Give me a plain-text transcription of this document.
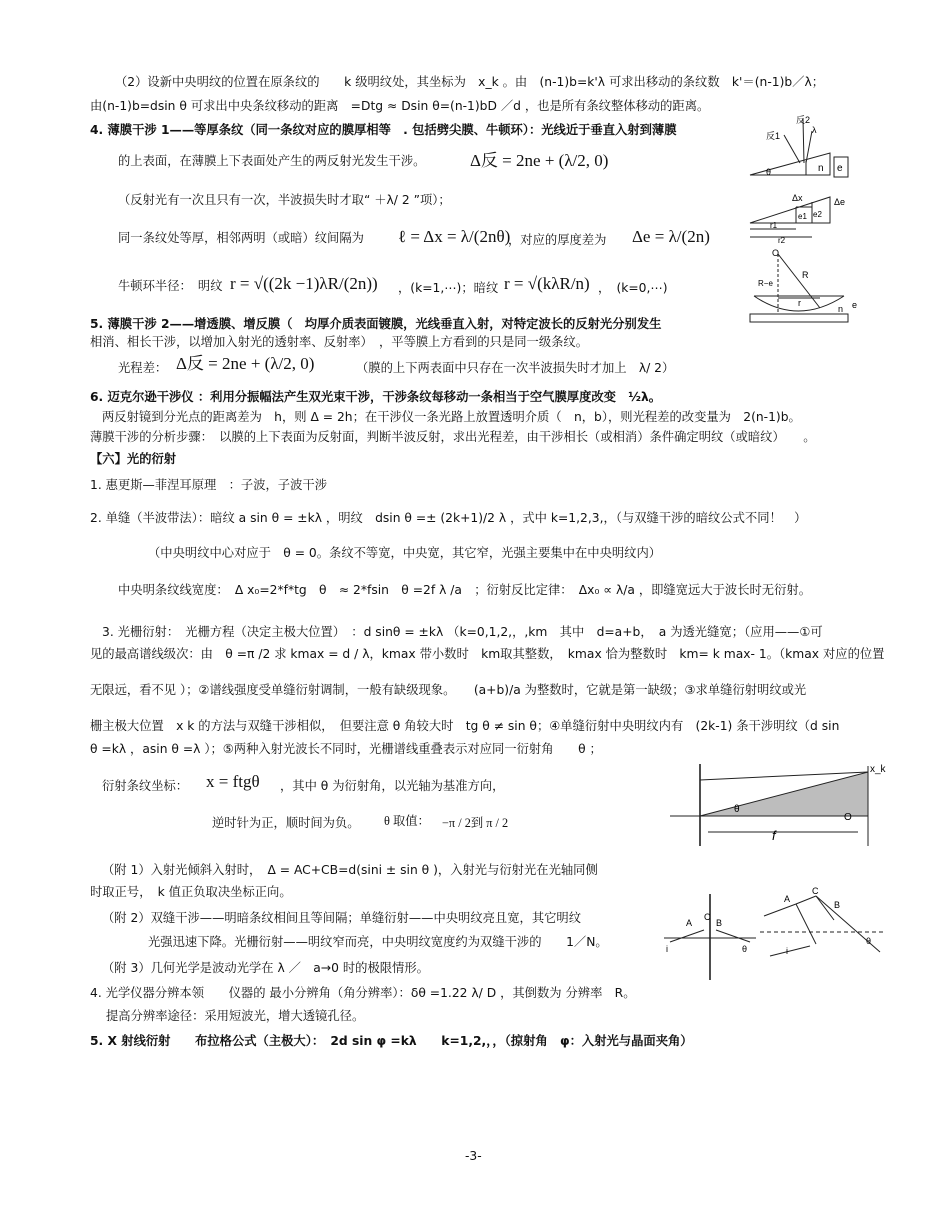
（2）设新中央明纹的位置在原条纹的　　k 级明纹处，其坐标为　x_k 。由　(n-1)b=k'λ 可求出移动的条纹数　k'＝(n-1)b／λ；
由(n-1)b=dsin θ 可求出中央条纹移动的距离　=Dtg ≈ Dsin θ=(n-1)bD ／d ，也是所有条纹整体移动的距离。
4. 薄膜干涉 1——等厚条纹（同一条纹对应的膜厚相等　. 包括劈尖膜、牛顿环）：光线近于垂直入射到薄膜
的上表面，在薄膜上下表面处产生的两反射光发生干涉。	Δ反 = 2ne + (λ/2, 0)
（反射光有一次且只有一次，半波损失时才取“ ＋λ/ 2 ”项）；
同一条纹处等厚，相邻两明（或暗）纹间隔为 ℓ = Δx = λ/(2nθ)
，对应的厚度差为 Δe = λ/(2n)
牛顿环半径：　明纹 r = √((2k −1)λR/(2n)) ，(k=1,⋯)；暗纹 r = √(kλR/n) ，　(k=0,⋯)
5. 薄膜干涉 2——增透膜、增反膜（　均厚介质表面镀膜，光线垂直入射，对特定波长的反射光分别发生
相消、相长干涉，以增加入射光的透射率、反射率）　，平等膜上方看到的只是同一级条纹。
光程差： Δ反 = 2ne + (λ/2, 0)	（膜的上下两表面中只存在一次半波损失时才加上　λ/ 2）
6. 迈克尔逊干涉仪 ：利用分振幅法产生双光束干涉，干涉条纹每移动一条相当于空气膜厚度改变　½λ。
两反射镜到分光点的距离差为　h，则 Δ = 2h；在干涉仪一条光路上放置透明介质（　n，b），则光程差的改变量为　2(n-1)b。
薄膜干涉的分析步骤：　以膜的上下表面为反射面，判断半波反射，求出光程差，由干涉相长（或相消）条件确定明纹（或暗纹）　　。
【六】光的衍射
1. 惠更斯—菲涅耳原理　：子波，子波干涉
2. 单缝（半波带法）：暗纹 a sin θ = ±kλ ，明纹　dsin θ =± (2k+1)/2 λ ，式中 k=1,2,3,，（与双缝干涉的暗纹公式不同！　）
（中央明纹中心对应于　θ = 0。条纹不等宽，中央宽，其它窄，光强主要集中在中央明纹内）
中央明条纹线宽度：　Δ x₀=2*f*tg　θ　≈ 2*fsin　θ =2f λ /a　；衍射反比定律：　Δx₀ ∝ λ/a ，即缝宽远大于波长时无衍射。
3. 光栅衍射：　光栅方程（决定主极大位置）　：d sinθ = ±kλ （k=0,1,2,，,km　其中　d=a+b，　a 为透光缝宽；（应用——①可
见的最高谱线级次：由　θ =π /2 求 kmax = d / λ，kmax 带小数时　km取其整数，　kmax 恰为整数时　km= k max- 1。（kmax 对应的位置
无限远，看不见 ）；②谱线强度受单缝衍射调制，一般有缺级现象。　　(a+b)/a 为整数时，它就是第一缺级；③求单缝衍射明纹或光
栅主极大位置　x k 的方法与双缝干涉相似，　但要注意 θ 角较大时　tg θ ≠ sin θ；④单缝衍射中央明纹内有　(2k-1) 条干涉明纹（d sin
θ =kλ ，asin θ =λ ）；⑤两种入射光波长不同时，光栅谱线重叠表示对应同一衍射角　　θ ；
衍射条纹坐标： x = ftgθ ，其中 θ 为衍射角，以光轴为基准方向，
逆时针为正，顺时间为负。 θ 取值： −π / 2到 π / 2
（附 1）入射光倾斜入射时，　Δ = AC+CB=d(sini ± sin θ )，入射光与衍射光在光轴同侧
时取正号，　k 值正负取决坐标正向。
（附 2）双缝干涉——明暗条纹相间且等间隔；单缝衍射——中央明纹亮且宽，其它明纹
光强迅速下降。光栅衍射——明纹窄而亮，中央明纹宽度约为双缝干涉的　　1／N。
（附 3）几何光学是波动光学在 λ ／　a→0 时的极限情形。
4. 光学仪器分辨本领　　仪器的 最小分辨角（角分辨率）：δθ =1.22 λ/ D ，其倒数为 分辨率　R。
提高分辨率途径：采用短波光，增大透镜孔径。
5. X 射线衍射　　布拉格公式（主极大）：　2d sin φ =kλ　　k=1,2,，，（掠射角　φ：入射光与晶面夹角）
-3-
反1
反2
λ
θ	n e
Δx	Δe
e1 e2
r1
r2
O
R
R−e
r
n e
x_k
θ
O
f
A
C
B
i	θ
A
C
B
i
θ
